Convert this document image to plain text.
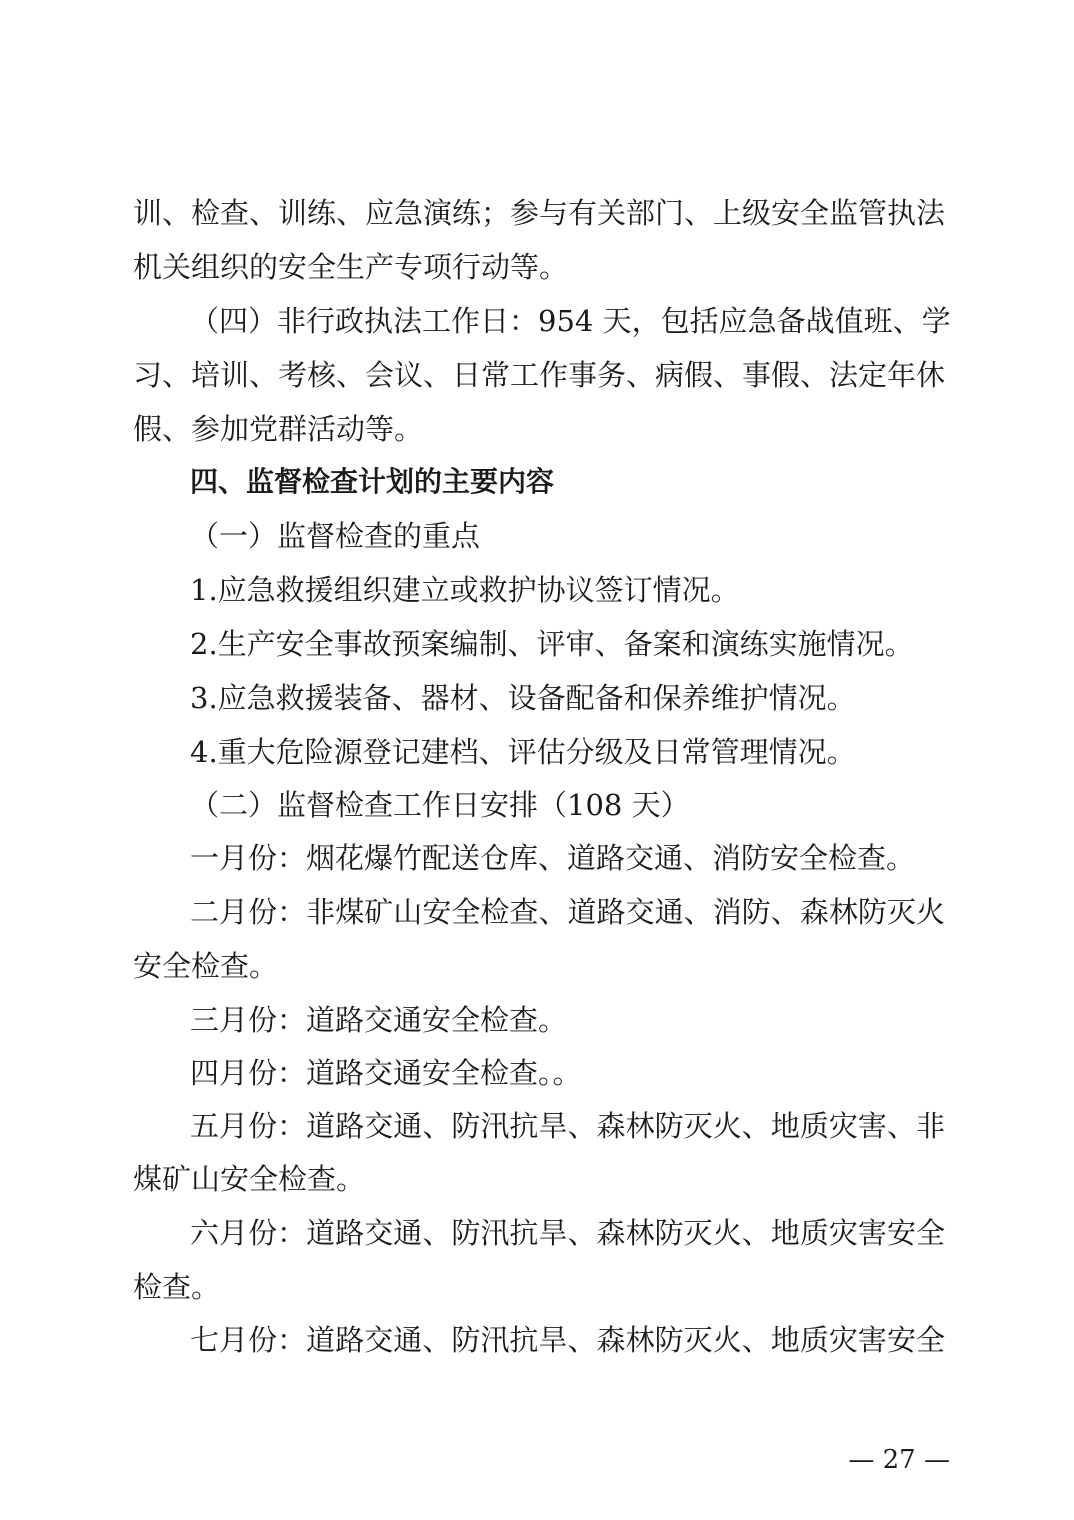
训、检查、训练、应急演练；参与有关部门、上级安全监管执法
机关组织的安全生产专项行动等。
（四）非行政执法工作日：954 天，包括应急备战值班、学
习、培训、考核、会议、日常工作事务、病假、事假、法定年休
假、参加党群活动等。
四、监督检查计划的主要内容
（一）监督检查的重点
1.应急救援组织建立或救护协议签订情况。
2.生产安全事故预案编制、评审、备案和演练实施情况。
3.应急救援装备、器材、设备配备和保养维护情况。
4.重大危险源登记建档、评估分级及日常管理情况。
（二）监督检查工作日安排（108 天）
一月份：烟花爆竹配送仓库、道路交通、消防安全检查。
二月份：非煤矿山安全检查、道路交通、消防、森林防灭火
安全检查。
三月份：道路交通安全检查。
四月份：道路交通安全检查。。
五月份：道路交通、防汛抗旱、森林防灭火、地质灾害、非
煤矿山安全检查。
六月份：道路交通、防汛抗旱、森林防灭火、地质灾害安全
检查。
七月份：道路交通、防汛抗旱、森林防灭火、地质灾害安全
— 27 —
